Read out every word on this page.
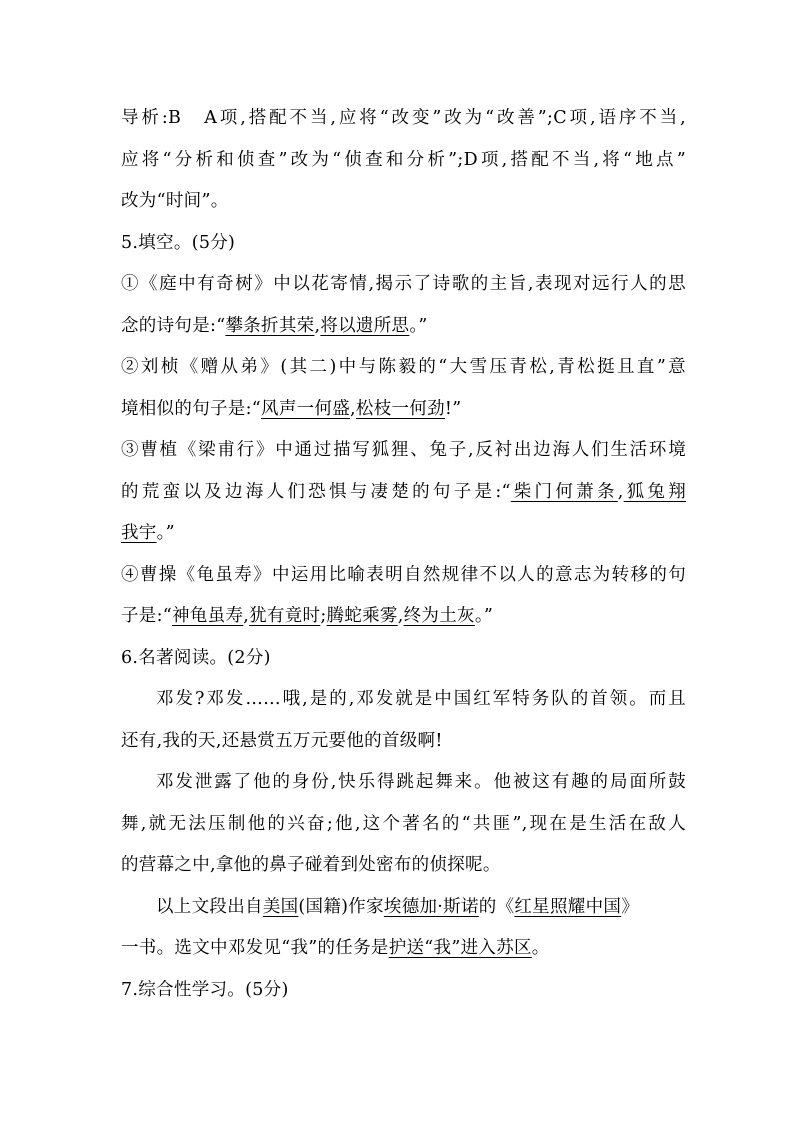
导析:B　A项,搭配不当,应将“改变”改为“改善”;C项,语序不当,
应将“分析和侦查”改为“侦查和分析”;D项,搭配不当,将“地点”
改为“时间”。
5.填空。(5分)
①《庭中有奇树》中以花寄情,揭示了诗歌的主旨,表现对远行人的思
念的诗句是:“攀条折其荣,将以遗所思。”
②刘桢《赠从弟》(其二)中与陈毅的“大雪压青松,青松挺且直”意
境相似的句子是:“风声一何盛,松枝一何劲!”
③曹植《梁甫行》中通过描写狐狸、兔子,反衬出边海人们生活环境
的荒蛮以及边海人们恐惧与凄楚的句子是:“柴门何萧条,狐兔翔
我宇。”
④曹操《龟虽寿》中运用比喻表明自然规律不以人的意志为转移的句
子是:“神龟虽寿,犹有竟时;腾蛇乘雾,终为土灰。”
6.名著阅读。(2分)
邓发?邓发……哦,是的,邓发就是中国红军特务队的首领。而且
还有,我的天,还悬赏五万元要他的首级啊!
邓发泄露了他的身份,快乐得跳起舞来。他被这有趣的局面所鼓
舞,就无法压制他的兴奋;他,这个著名的“共匪”,现在是生活在敌人
的营幕之中,拿他的鼻子碰着到处密布的侦探呢。
以上文段出自美国(国籍)作家埃德加·斯诺的《红星照耀中国》
一书。选文中邓发见“我”的任务是护送“我”进入苏区。
7.综合性学习。(5分)
